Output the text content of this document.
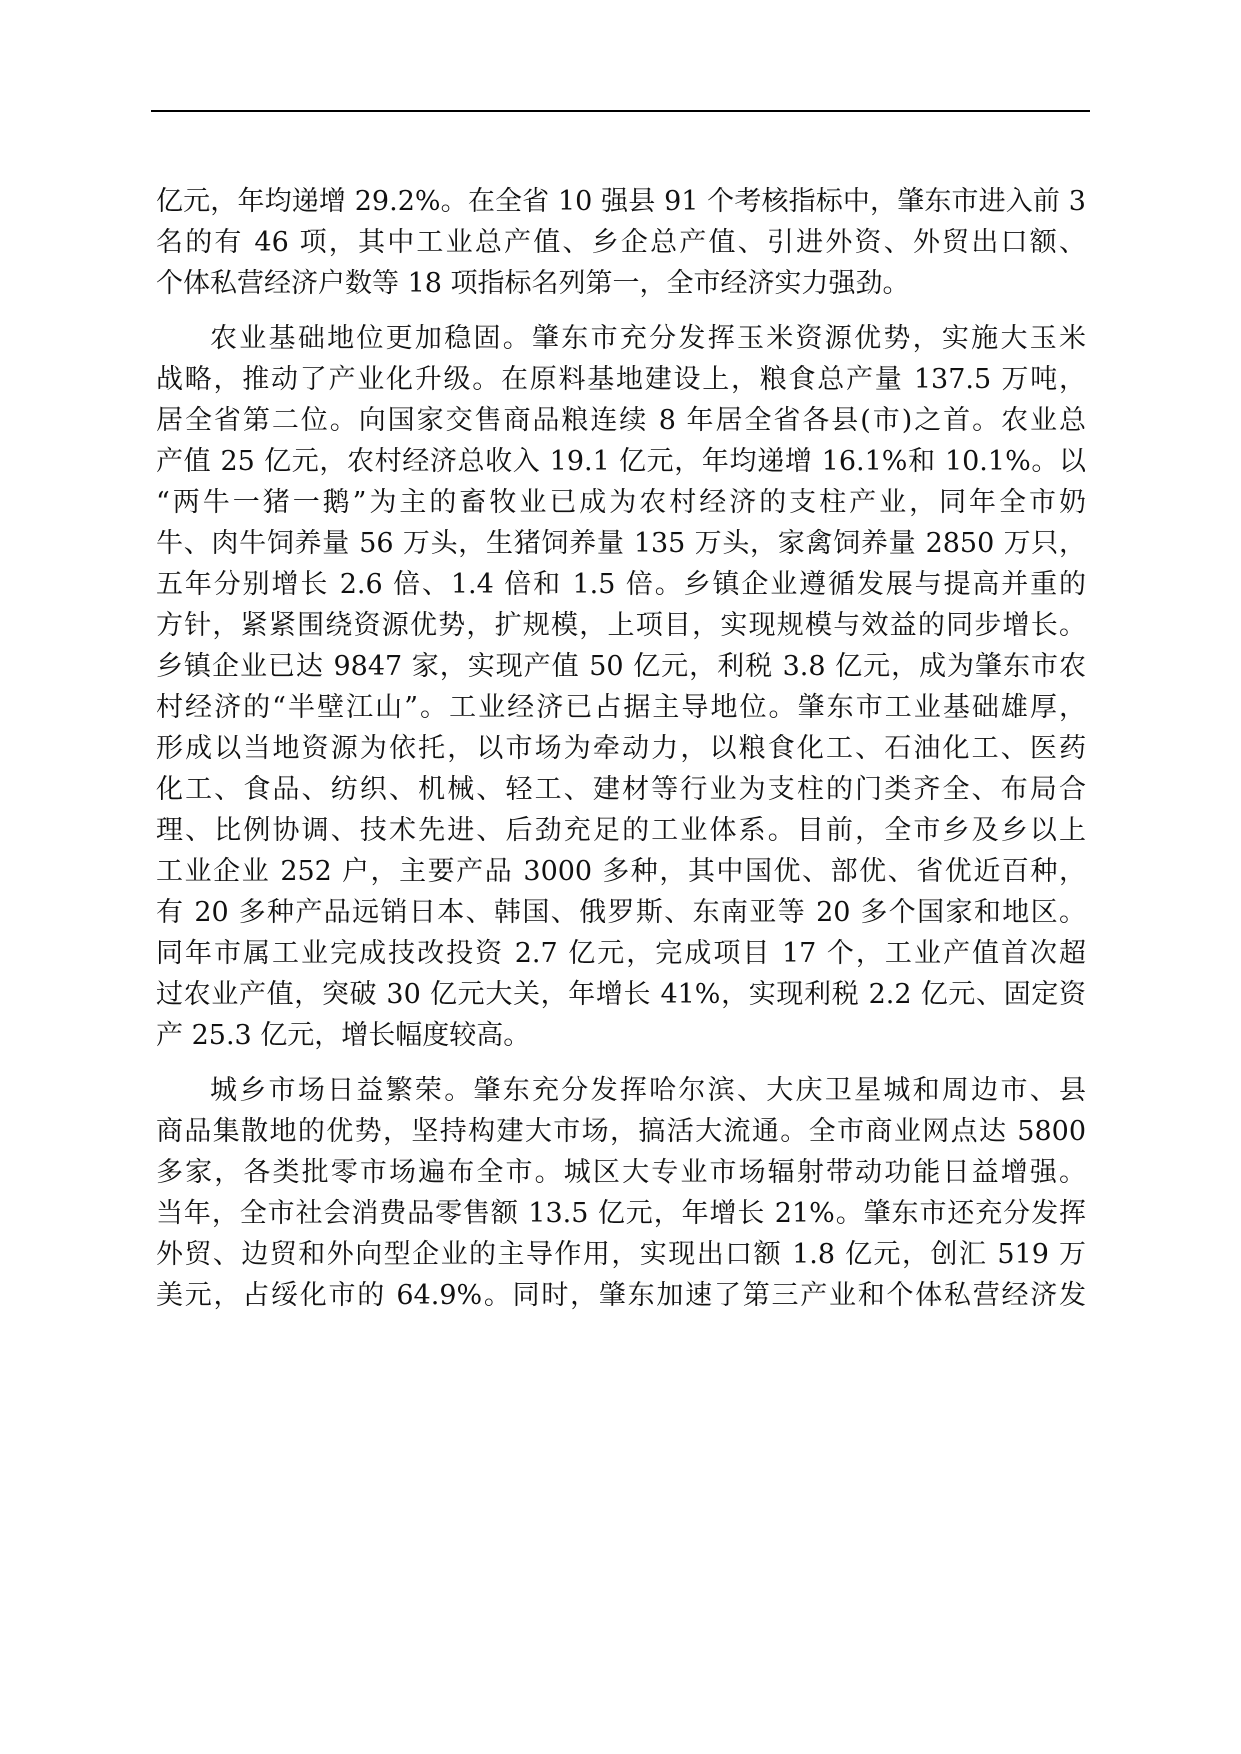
亿元，年均递增 29.2%。在全省 10 强县 91 个考核指标中，肇东市进入前 3
名的有 46 项，其中工业总产值、乡企总产值、引进外资、外贸出口额、
个体私营经济户数等 18 项指标名列第一，全市经济实力强劲。
农业基础地位更加稳固。肇东市充分发挥玉米资源优势，实施大玉米
战略，推动了产业化升级。在原料基地建设上，粮食总产量 137.5 万吨，
居全省第二位。向国家交售商品粮连续 8 年居全省各县(市)之首。农业总
产值 25 亿元，农村经济总收入 19.1 亿元，年均递增 16.1%和 10.1%。以
“两牛一猪一鹅”为主的畜牧业已成为农村经济的支柱产业，同年全市奶
牛、肉牛饲养量 56 万头，生猪饲养量 135 万头，家禽饲养量 2850 万只，
五年分别增长 2.6 倍、1.4 倍和 1.5 倍。乡镇企业遵循发展与提高并重的
方针，紧紧围绕资源优势，扩规模，上项目，实现规模与效益的同步增长。
乡镇企业已达 9847 家，实现产值 50 亿元，利税 3.8 亿元，成为肇东市农
村经济的“半壁江山”。工业经济已占据主导地位。肇东市工业基础雄厚，
形成以当地资源为依托，以市场为牵动力，以粮食化工、石油化工、医药
化工、食品、纺织、机械、轻工、建材等行业为支柱的门类齐全、布局合
理、比例协调、技术先进、后劲充足的工业体系。目前，全市乡及乡以上
工业企业 252 户，主要产品 3000 多种，其中国优、部优、省优近百种，
有 20 多种产品远销日本、韩国、俄罗斯、东南亚等 20 多个国家和地区。
同年市属工业完成技改投资 2.7 亿元，完成项目 17 个，工业产值首次超
过农业产值，突破 30 亿元大关，年增长 41%，实现利税 2.2 亿元、固定资
产 25.3 亿元，增长幅度较高。
城乡市场日益繁荣。肇东充分发挥哈尔滨、大庆卫星城和周边市、县
商品集散地的优势，坚持构建大市场，搞活大流通。全市商业网点达 5800
多家，各类批零市场遍布全市。城区大专业市场辐射带动功能日益增强。
当年，全市社会消费品零售额 13.5 亿元，年增长 21%。肇东市还充分发挥
外贸、边贸和外向型企业的主导作用，实现出口额 1.8 亿元，创汇 519 万
美元，占绥化市的 64.9%。同时，肇东加速了第三产业和个体私营经济发
